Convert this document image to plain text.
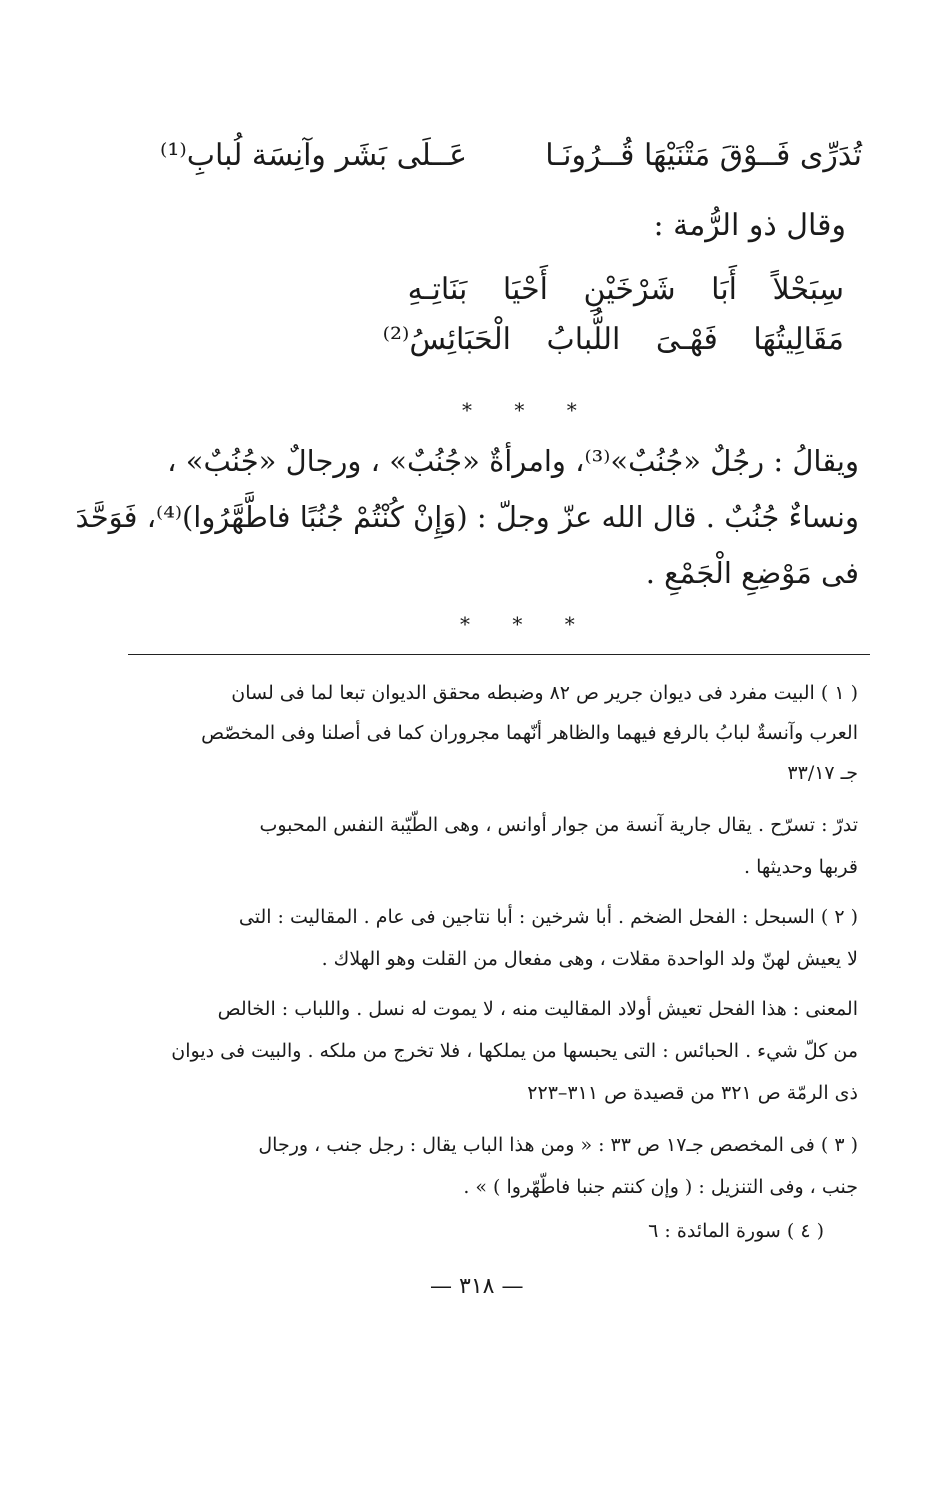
تُدَرِّى فَــوْقَ مَتْنَيْهَا قُــرُونَـا
عَــلَى بَشَر وآنِسَة لُبابِ⁽¹⁾
وقال ذو الرُّمة :
سِبَحْلاً أَبَا شَرْخَيْنِ أَحْيَا بَنَاتِـهِ
مَقَالِيتُهَا فَهْـىَ اللُّبابُ الْحَبَائِسُ⁽²⁾
* * *
ويقالُ : رجُلٌ «جُنُبٌ»⁽³⁾، وامرأةٌ «جُنُبٌ» ، ورجالٌ «جُنُبٌ» ،
ونساءٌ جُنُبٌ . قال الله عزّ وجلّ : (وَإِنْ كُنْتُمْ جُنُبًا فاطَّهَّرُوا)⁽⁴⁾، فَوَحَّدَ
فى مَوْضِعِ الْجَمْعِ .
* * *
( ١ ) البيت مفرد فى ديوان جرير ص ٨٢ وضبطه محقق الديوان تبعا لما فى لسان
العرب وآنسةٌ لبابُ بالرفع فيهما والظاهر أنّهما مجروران كما فى أصلنا وفى المخصّص
جـ ٣٣/١٧
تدرّ : تسرّح . يقال جارية آنسة من جوار أوانس ، وهى الطّيّبة النفس المحبوب
قربها وحديثها .
( ٢ ) السبحل : الفحل الضخم . أبا شرخين : أبا نتاجين فى عام . المقاليت : التى
لا يعيش لهنّ ولد الواحدة مقلات ، وهى مفعال من القلت وهو الهلاك .
المعنى : هذا الفحل تعيش أولاد المقاليت منه ، لا يموت له نسل . واللباب : الخالص
من كلّ شيء . الحبائس : التى يحبسها من يملكها ، فلا تخرج من ملكه . والبيت فى ديوان
ذى الرمّة ص ٣٢١ من قصيدة ص ٣١١–٢٢٣
( ٣ ) فى المخصص جـ١٧ ص ٣٣ : « ومن هذا الباب يقال : رجل جنب ، ورجال
جنب ، وفى التنزيل : ( وإن كنتم جنبا فاطّهّروا ) » .
( ٤ ) سورة المائدة : ٦
— ٣١٨ —
